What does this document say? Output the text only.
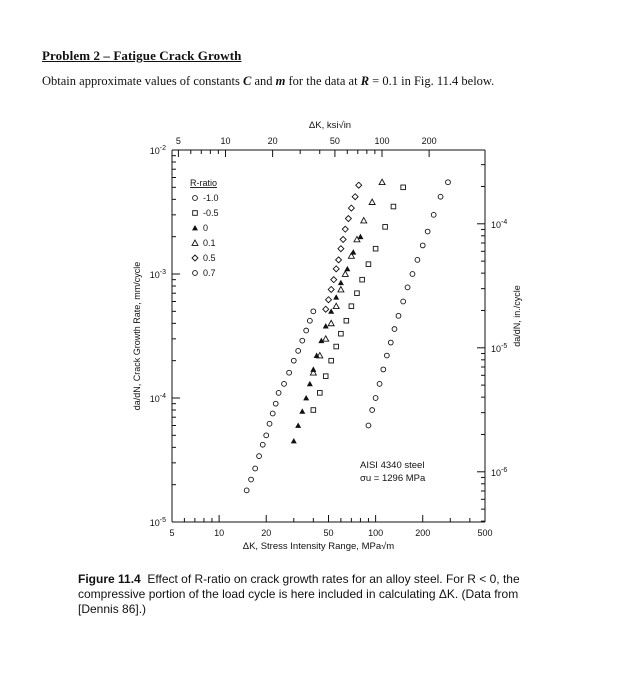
Problem 2 – Fatigue Crack Growth
Obtain approximate values of constants C and m for the data at R = 0.1 in Fig. 11.4 below.
5	10	20	50	100	200	500
ΔK, Stress Intensity Range, MPa√m
5	10	20	50	100	200
ΔK, ksi√in
$10^{-2}$
$10^{-3}$
$10^{-4}$
$10^{-5}$
da/dN, Crack Growth Rate, mm/cycle
$10^{-4}$
$10^{-5}$
$10^{-6}$
da/dN, in./cycle
R-ratio
-1.0
-0.5
0
0.1
0.5
0.7
AISI 4340 steel
σu = 1296 MPa
Figure 11.4 Effect of R-ratio on crack growth rates for an alloy steel. For R < 0, the compressive portion of the load cycle is here included in calculating ΔK. (Data from [Dennis 86].)
